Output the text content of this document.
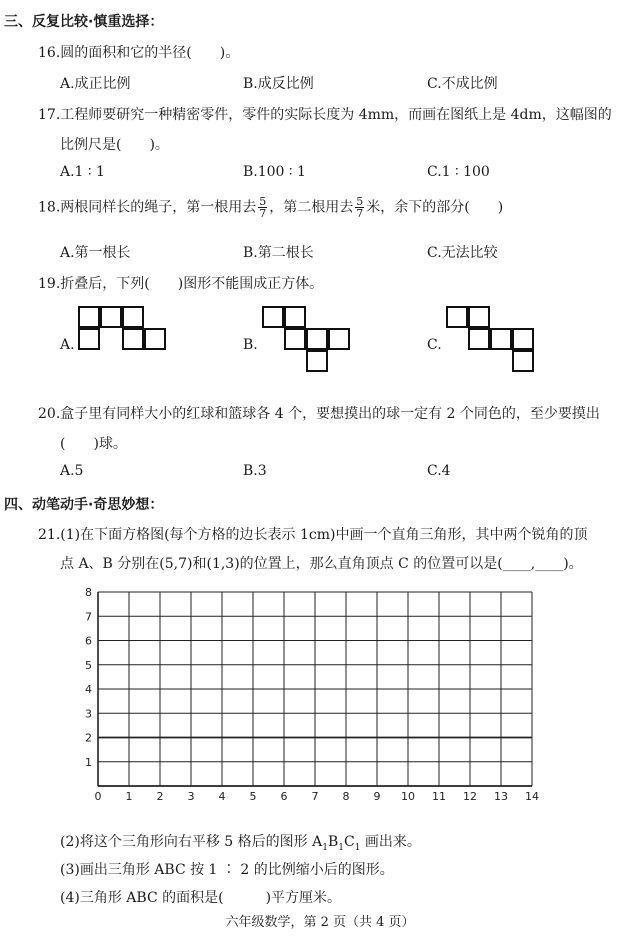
三、反复比较·慎重选择：
16.圆的面积和它的半径(　　)。
A.成正比例	B.成反比例	C.不成比例
17.工程师要研究一种精密零件，零件的实际长度为 4mm，而画在图纸上是 4dm，这幅图的
比例尺是(　　)。
A.1 ∶ 1	B.100 ∶ 1	C.1 ∶ 100
18.两根同样长的绳子，第一根用去 $\frac{5}{7}$ ，第二根用去 $\frac{5}{7}$ 米，余下的部分(　　)
A.第一根长	B.第二根长	C.无法比较
19.折叠后，下列(　　)图形不能围成正方体。
A.	B.	C.
20.盒子里有同样大小的红球和篮球各 4 个，要想摸出的球一定有 2 个同色的，至少要摸出
(　　)球。
A.5	B.3	C.4
四、动笔动手·奇思妙想：
21.(1)在下面方格图(每个方格的边长表示 1cm)中画一个直角三角形，其中两个锐角的顶
点 A、B 分别在(5,7)和(1,3)的位置上，那么直角顶点 C 的位置可以是(____,____)。
0 1 2 3 4 5 6 7 8 9 10 11 12 13 14
1
2
3
4
5
6
7
8
(2)将这个三角形向右平移 5 格后的图形 $A_1B_1C_1$ 画出来。
(3)画出三角形 ABC 按 1 ∶ 2 的比例缩小后的图形。
(4)三角形 ABC 的面积是(　　　)平方厘米。
六年级数学，第 2 页（共 4 页）
